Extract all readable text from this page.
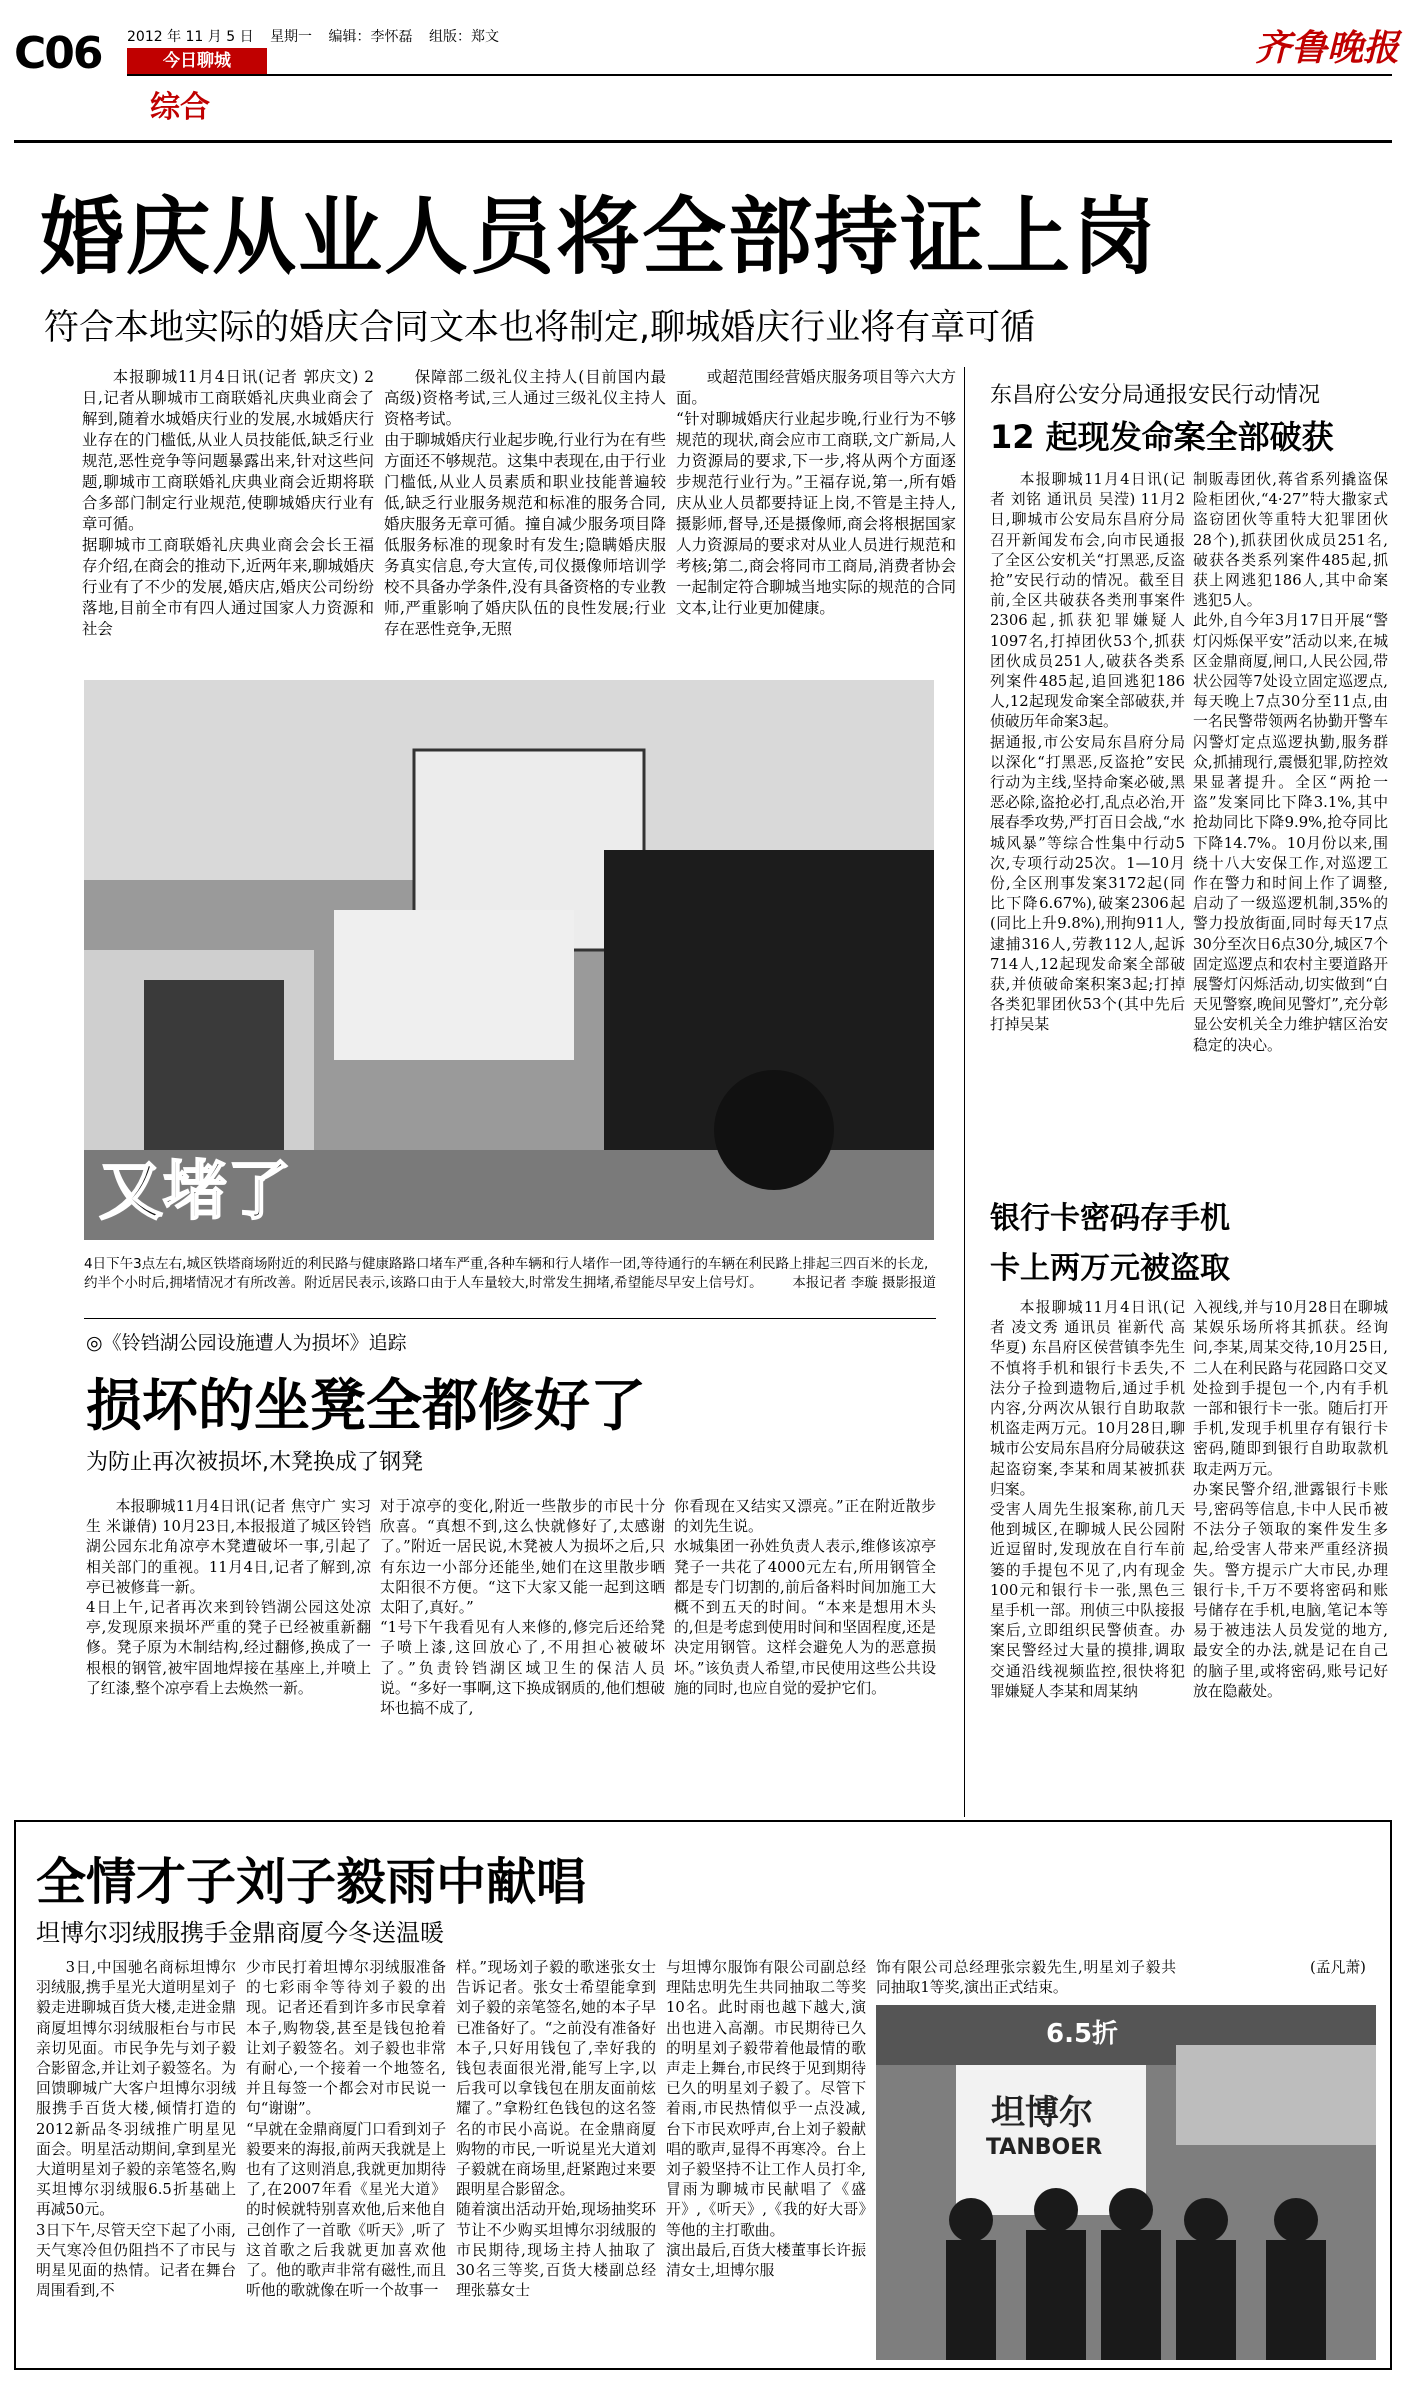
C06 2012 年 11 月 5 日 星期一 编辑：李怀磊 组版：郑文
今日聊城
综合
齐鲁晚报
婚庆从业人员将全部持证上岗
符合本地实际的婚庆合同文本也将制定,聊城婚庆行业将有章可循
本报聊城11月4日讯(记者 郭庆文) 2日,记者从聊城市工商联婚礼庆典业商会了解到,随着水城婚庆行业的发展,水城婚庆行业存在的门槛低,从业人员技能低,缺乏行业规范,恶性竞争等问题暴露出来,针对这些问题,聊城市工商联婚礼庆典业商会近期将联合多部门制定行业规范,使聊城婚庆行业有章可循。
据聊城市工商联婚礼庆典业商会会长王福存介绍,在商会的推动下,近两年来,聊城婚庆行业有了不少的发展,婚庆店,婚庆公司纷纷落地,目前全市有四人通过国家人力资源和社会
保障部二级礼仪主持人(目前国内最高级)资格考试,三人通过三级礼仪主持人资格考试。
由于聊城婚庆行业起步晚,行业行为在有些方面还不够规范。这集中表现在,由于行业门槛低,从业人员素质和职业技能普遍较低,缺乏行业服务规范和标准的服务合同,婚庆服务无章可循。撞自减少服务项目降低服务标准的现象时有发生;隐瞒婚庆服务真实信息,夸大宣传,司仪摄像师培训学校不具备办学条件,没有具备资格的专业教师,严重影响了婚庆队伍的良性发展;行业存在恶性竞争,无照
或超范围经营婚庆服务项目等六大方面。
“针对聊城婚庆行业起步晚,行业行为不够规范的现状,商会应市工商联,文广新局,人力资源局的要求,下一步,将从两个方面逐步规范行业行为。”王福存说,第一,所有婚庆从业人员都要持证上岗,不管是主持人,摄影师,督导,还是摄像师,商会将根据国家人力资源局的要求对从业人员进行规范和考核;第二,商会将同市工商局,消费者协会一起制定符合聊城当地实际的规范的合同文本,让行业更加健康。
又堵了
4日下午3点左右,城区铁塔商场附近的利民路与健康路路口堵车严重,各种车辆和行人堵作一团,等待通行的车辆在利民路上排起三四百米的长龙,约半个小时后,拥堵情况才有所改善。附近居民表示,该路口由于人车量较大,时常发生拥堵,希望能尽早安上信号灯。 本报记者 李璇 摄影报道
东昌府公安分局通报安民行动情况
12 起现发命案全部破获
本报聊城11月4日讯(记者 刘铭 通讯员 吴滢) 11月2日,聊城市公安局东昌府分局召开新闻发布会,向市民通报了全区公安机关“打黑恶,反盗抢”安民行动的情况。截至目前,全区共破获各类刑事案件2306起,抓获犯罪嫌疑人1097名,打掉团伙53个,抓获团伙成员251人,破获各类系列案件485起,追回逃犯186人,12起现发命案全部破获,并侦破历年命案3起。
据通报,市公安局东昌府分局以深化“打黑恶,反盗抢”安民行动为主线,坚持命案必破,黑恶必除,盗抢必打,乱点必治,开展春季攻势,严打百日会战,“水城风暴”等综合性集中行动5次,专项行动25次。1—10月份,全区刑事发案3172起(同比下降6.67%),破案2306起(同比上升9.8%),刑拘911人,逮捕316人,劳教112人,起诉714人,12起现发命案全部破获,并侦破命案积案3起;打掉各类犯罪团伙53个(其中先后打掉吴某
制販毒团伙,蒋省系列撬盗保险柜团伙,“4·27”特大撒家式盗窃团伙等重特大犯罪团伙28个),抓获团伙成员251名,破获各类系列案件485起,抓获上网逃犯186人,其中命案逃犯5人。
此外,自今年3月17日开展“警灯闪烁保平安”活动以来,在城区金鼎商厦,闸口,人民公园,带状公园等7处设立固定巡逻点,每天晚上7点30分至11点,由一名民警带领两名协勤开警车闪警灯定点巡逻执勤,服务群众,抓捕现行,震慑犯罪,防控效果显著提升。全区“两抢一盗”发案同比下降3.1%,其中抢劫同比下降9.9%,抢夺同比下降14.7%。10月份以来,围绕十八大安保工作,对巡逻工作在警力和时间上作了调整,启动了一级巡逻机制,35%的警力投放街面,同时每天17点30分至次日6点30分,城区7个固定巡逻点和农村主要道路开展警灯闪烁活动,切实做到“白天见警察,晚间见警灯”,充分彰显公安机关全力维护辖区治安稳定的决心。
银行卡密码存手机
卡上两万元被盗取
本报聊城11月4日讯(记者 凌文秀 通讯员 崔新代 高华夏) 东昌府区侯营镇李先生不慎将手机和银行卡丢失,不法分子捡到遗物后,通过手机内容,分两次从银行自助取款机盗走两万元。10月28日,聊城市公安局东昌府分局破获这起盗窃案,李某和周某被抓获归案。
受害人周先生报案称,前几天他到城区,在聊城人民公园附近逗留时,发现放在自行车前篓的手提包不见了,内有现金100元和银行卡一张,黑色三星手机一部。刑侦三中队接报案后,立即组织民警侦查。办案民警经过大量的摸排,调取交通沿线视频监控,很快将犯罪嫌疑人李某和周某纳
入视线,并与10月28日在聊城某娱乐场所将其抓获。经询问,李某,周某交待,10月25日,二人在利民路与花园路口交叉处捡到手提包一个,内有手机一部和银行卡一张。随后打开手机,发现手机里存有银行卡密码,随即到银行自助取款机取走两万元。
办案民警介绍,泄露银行卡账号,密码等信息,卡中人民币被不法分子领取的案件发生多起,给受害人带来严重经济损失。警方提示广大市民,办理银行卡,千万不要将密码和账号储存在手机,电脑,笔记本等易于被违法人员发觉的地方,最安全的办法,就是记在自己的脑子里,或将密码,账号记好放在隐蔽处。
◎《铃铛湖公园设施遭人为损坏》追踪
损坏的坐凳全都修好了
为防止再次被损坏,木凳换成了钢凳
本报聊城11月4日讯(记者 焦守广 实习生 米谦倩) 10月23日,本报报道了城区铃铛湖公园东北角凉亭木凳遭破坏一事,引起了相关部门的重视。11月4日,记者了解到,凉亭已被修葺一新。
4日上午,记者再次来到铃铛湖公园这处凉亭,发现原来损坏严重的凳子已经被重新翻修。凳子原为木制结构,经过翻修,换成了一根根的钢管,被牢固地焊接在基座上,并喷上了红漆,整个凉亭看上去焕然一新。
对于凉亭的变化,附近一些散步的市民十分欣喜。“真想不到,这么快就修好了,太感谢了。”附近一居民说,木凳被人为损坏之后,只有东边一小部分还能坐,她们在这里散步晒太阳很不方便。“这下大家又能一起到这晒太阳了,真好。”
“1号下午我看见有人来修的,修完后还给凳子喷上漆,这回放心了,不用担心被破坏了。”负责铃铛湖区域卫生的保洁人员说。“多好一事啊,这下换成钢质的,他们想破坏也搞不成了,
你看现在又结实又漂亮。”正在附近散步的刘先生说。
水城集团一孙姓负责人表示,维修该凉亭凳子一共花了4000元左右,所用钢管全都是专门切割的,前后备料时间加施工大概不到五天的时间。“本来是想用木头的,但是考虑到使用时间和坚固程度,还是决定用钢管。这样会避免人为的恶意损坏。”该负责人希望,市民使用这些公共设施的同时,也应自觉的爱护它们。
全情才子刘子毅雨中献唱
坦博尔羽绒服携手金鼎商厦今冬送温暖
3日,中国驰名商标坦博尔羽绒服,携手星光大道明星刘子毅走进聊城百货大楼,走进金鼎商厦坦博尔羽绒服柜台与市民亲切见面。市民争先与刘子毅合影留念,并让刘子毅签名。为回馈聊城广大客户坦博尔羽绒服携手百货大楼,倾情打造的2012新品冬羽绒推广明星见面会。明星活动期间,拿到星光大道明星刘子毅的亲笔签名,购买坦博尔羽绒服6.5折基础上再减50元。
3日下午,尽管天空下起了小雨,天气寒冷但仍阻挡不了市民与明星见面的热情。记者在舞台周围看到,不
少市民打着坦博尔羽绒服准备的七彩雨伞等待刘子毅的出现。记者还看到许多市民拿着本子,购物袋,甚至是钱包抢着让刘子毅签名。刘子毅也非常有耐心,一个接着一个地签名,并且每签一个都会对市民说一句“谢谢”。
“早就在金鼎商厦门口看到刘子毅要来的海报,前两天我就是上也有了这则消息,我就更加期待了,在2007年看《星光大道》的时候就特别喜欢他,后来他自己创作了一首歌《听天》,听了这首歌之后我就更加喜欢他了。他的歌声非常有磁性,而且听他的歌就像在听一个故事一
样。”现场刘子毅的歌迷张女士告诉记者。张女士希望能拿到刘子毅的亲笔签名,她的本子早已准备好了。“之前没有准备好本子,只好用钱包了,幸好我的钱包表面很光滑,能写上字,以后我可以拿钱包在朋友面前炫耀了。”拿粉红色钱包的这名签名的市民小高说。在金鼎商厦购物的市民,一听说星光大道刘子毅就在商场里,赶紧跑过来要跟明星合影留念。
随着演出活动开始,现场抽奖环节让不少购买坦博尔羽绒服的市民期待,现场主持人抽取了30名三等奖,百货大楼副总经理张慕女士
与坦博尔服饰有限公司副总经理陆忠明先生共同抽取二等奖10名。此时雨也越下越大,演出也进入高潮。市民期待已久的明星刘子毅带着他最情的歌声走上舞台,市民终于见到期待已久的明星刘子毅了。尽管下着雨,市民热情似乎一点没减,台下市民欢呼声,台上刘子毅献唱的歌声,显得不再寒冷。台上刘子毅坚持不让工作人员打伞,冒雨为聊城市民献唱了《盛开》,《听天》,《我的好大哥》等他的主打歌曲。
演出最后,百货大楼董事长许振清女士,坦博尔服
饰有限公司总经理张宗毅先生,明星刘子毅共同抽取1等奖,演出正式结束。
(孟凡萧)
坦博尔
TANBOER
6.5折
